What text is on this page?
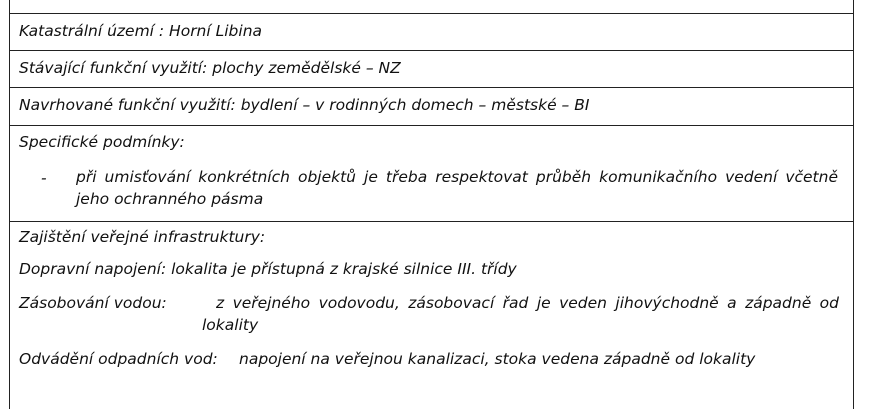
Katastrální území : Horní Libina
Stávající funkční využití: plochy zemědělské – NZ
Navrhované funkční využití: bydlení – v rodinných domech – městské – BI
Specifické podmínky:
- při umisťování konkrétních objektů je třeba respektovat průběh komunikačního vedení včetně jeho ochranného pásma
Zajištění veřejné infrastruktury:
Dopravní napojení: lokalita je přístupná z krajské silnice III. třídy
Zásobování vodou:	z veřejného vodovodu, zásobovací řad je veden jihovýchodně a západně od lokality
Odvádění odpadních vod:	napojení na veřejnou kanalizaci, stoka vedena západně od lokality
